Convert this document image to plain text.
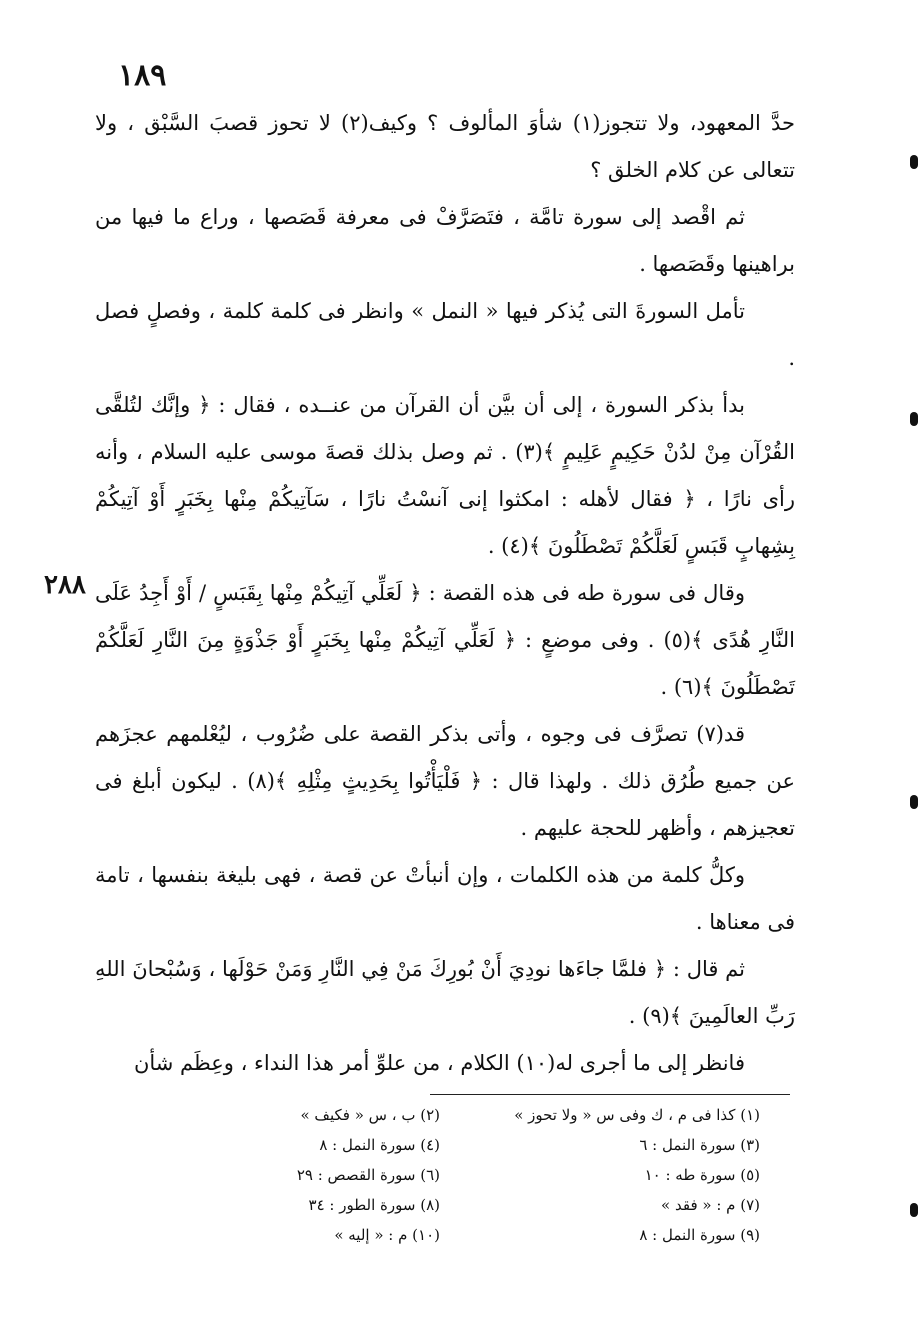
١٨٩
٢٨٨

حدَّ المعهود، ولا تتجوز(١) شأوَ المألوف ؟ وكيف(٢) لا تحوز قصبَ السَّبْق ، ولا تتعالى عن كلام الخلق ؟

ثم اقْصد إلى سورة تامَّة ، فتَصَرَّفْ فى معرفة قَصَصها ، وراع ما فيها من براهينها وقَصَصها .

تأمل السورةَ التى يُذكر فيها « النمل » وانظر فى كلمة كلمة ، وفصلٍ فصل .

بدأ بذكر السورة ، إلى أن بيَّن أن القرآن من عنــده ، فقال : ﴿ وإنَّك لتُلقَّى القُرْآن مِنْ لدُنْ حَكِيمٍ عَلِيمٍ ﴾(٣) . ثم وصل بذلك قصةَ موسى عليه السلام ، وأنه رأى نارًا ، ﴿ فقال لأهله : امكثوا إنى آنسْتُ نارًا ، سَآتِيكُمْ مِنْها بِخَبَرٍ أَوْ آتِيكُمْ بِشِهابٍ قَبَسٍ لَعَلَّكُمْ تَصْطَلُونَ ﴾(٤) .

وقال فى سورة طه فى هذه القصة : ﴿ لَعَلِّي آتِيكُمْ مِنْها بِقَبَسٍ / أَوْ أَجِدُ عَلَى النَّارِ هُدًى ﴾(٥) . وفى موضعٍ : ﴿ لَعَلِّي آتِيكُمْ مِنْها بِخَبَرٍ أَوْ جَذْوَةٍ مِنَ النَّارِ لَعَلَّكُمْ تَصْطَلُونَ ﴾(٦) .

قد(٧) تصرَّف فى وجوه ، وأتى بذكر القصة على ضُرُوب ، ليُعْلمهم عجزَهم عن جميع طُرُق ذلك . ولهذا قال : ﴿ فَلْيَأْتُوا بِحَدِيثٍ مِثْلِهِ ﴾(٨) . ليكون أبلغ فى تعجيزهم ، وأظهر للحجة عليهم .

وكلُّ كلمة من هذه الكلمات ، وإن أنبأتْ عن قصة ، فهى بليغة بنفسها ، تامة فى معناها .

ثم قال : ﴿ فلمَّا جاءَها نودِيَ أَنْ بُورِكَ مَنْ فِي النَّارِ وَمَنْ حَوْلَها ، وَسُبْحانَ اللهِ رَبِّ العالَمِينَ ﴾(٩) .

فانظر إلى ما أجرى له(١٠) الكلام ، من علوِّ أمر هذا النداء ، وعِظَم شأن

(١) كذا فى م ، ك وفى س « ولا تحوز »
(٢) ب ، س « فكيف »
(٣) سورة النمل : ٦
(٤) سورة النمل : ٨
(٥) سورة طه : ١٠
(٦) سورة القصص : ٢٩
(٧) م : « فقد »
(٨) سورة الطور : ٣٤
(٩) سورة النمل : ٨
(١٠) م : « إليه »
